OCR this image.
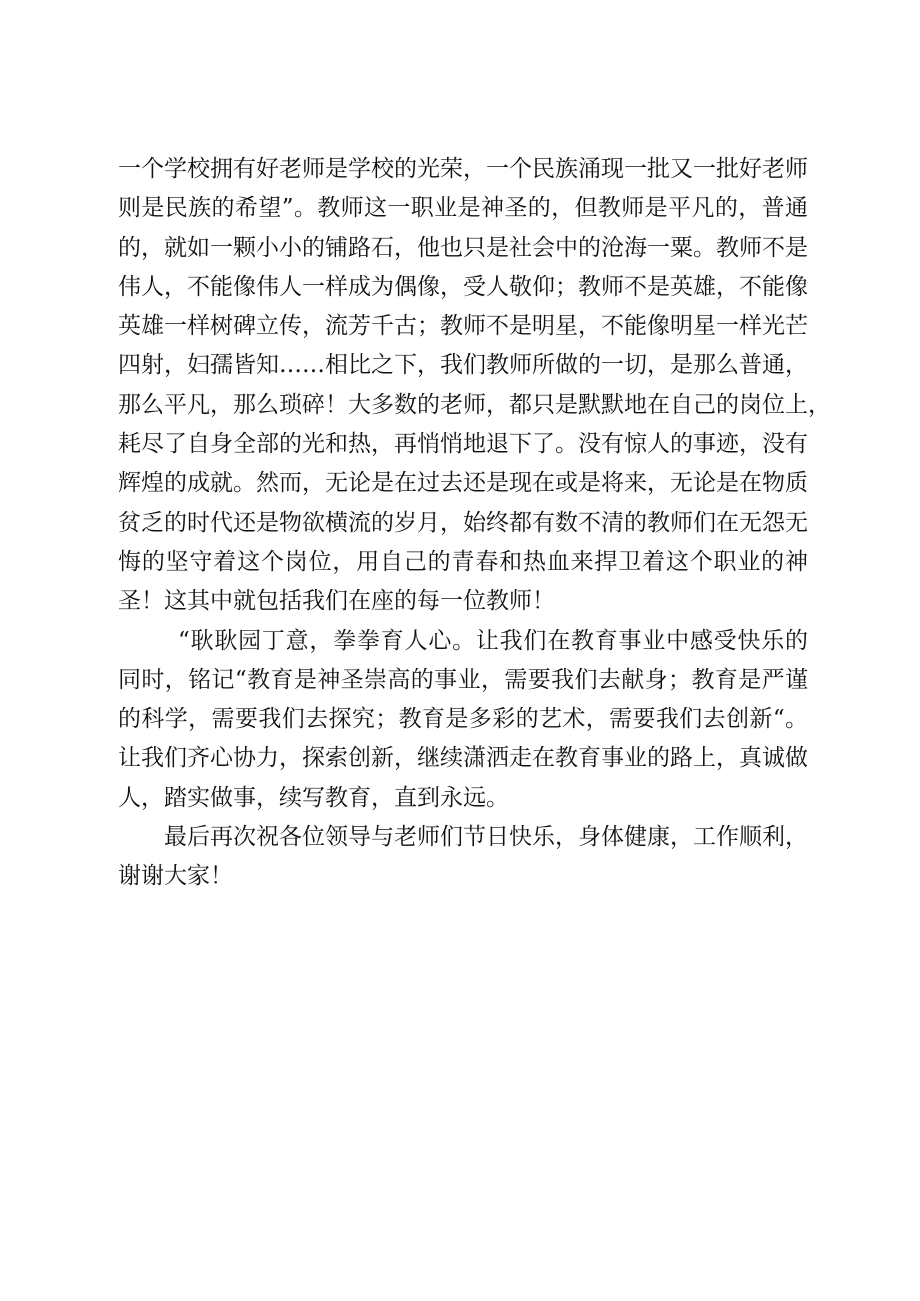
一个学校拥有好老师是学校的光荣，一个民族涌现一批又一批好老师
则是民族的希望”。教师这一职业是神圣的，但教师是平凡的，普通
的，就如一颗小小的铺路石，他也只是社会中的沧海一粟。教师不是
伟人，不能像伟人一样成为偶像，受人敬仰；教师不是英雄，不能像
英雄一样树碑立传，流芳千古；教师不是明星，不能像明星一样光芒
四射，妇孺皆知……相比之下，我们教师所做的一切，是那么普通，
那么平凡，那么琐碎！大多数的老师，都只是默默地在自己的岗位上，
耗尽了自身全部的光和热，再悄悄地退下了。没有惊人的事迹，没有
辉煌的成就。然而，无论是在过去还是现在或是将来，无论是在物质
贫乏的时代还是物欲横流的岁月，始终都有数不清的教师们在无怨无
悔的坚守着这个岗位，用自己的青春和热血来捍卫着这个职业的神
圣！这其中就包括我们在座的每一位教师！
“耿耿园丁意，拳拳育人心。让我们在教育事业中感受快乐的
同时，铭记“教育是神圣崇高的事业，需要我们去献身；教育是严谨
的科学，需要我们去探究；教育是多彩的艺术，需要我们去创新“。
让我们齐心协力，探索创新，继续潇洒走在教育事业的路上，真诚做
人，踏实做事，续写教育，直到永远。
最后再次祝各位领导与老师们节日快乐，身体健康，工作顺利，
谢谢大家！
